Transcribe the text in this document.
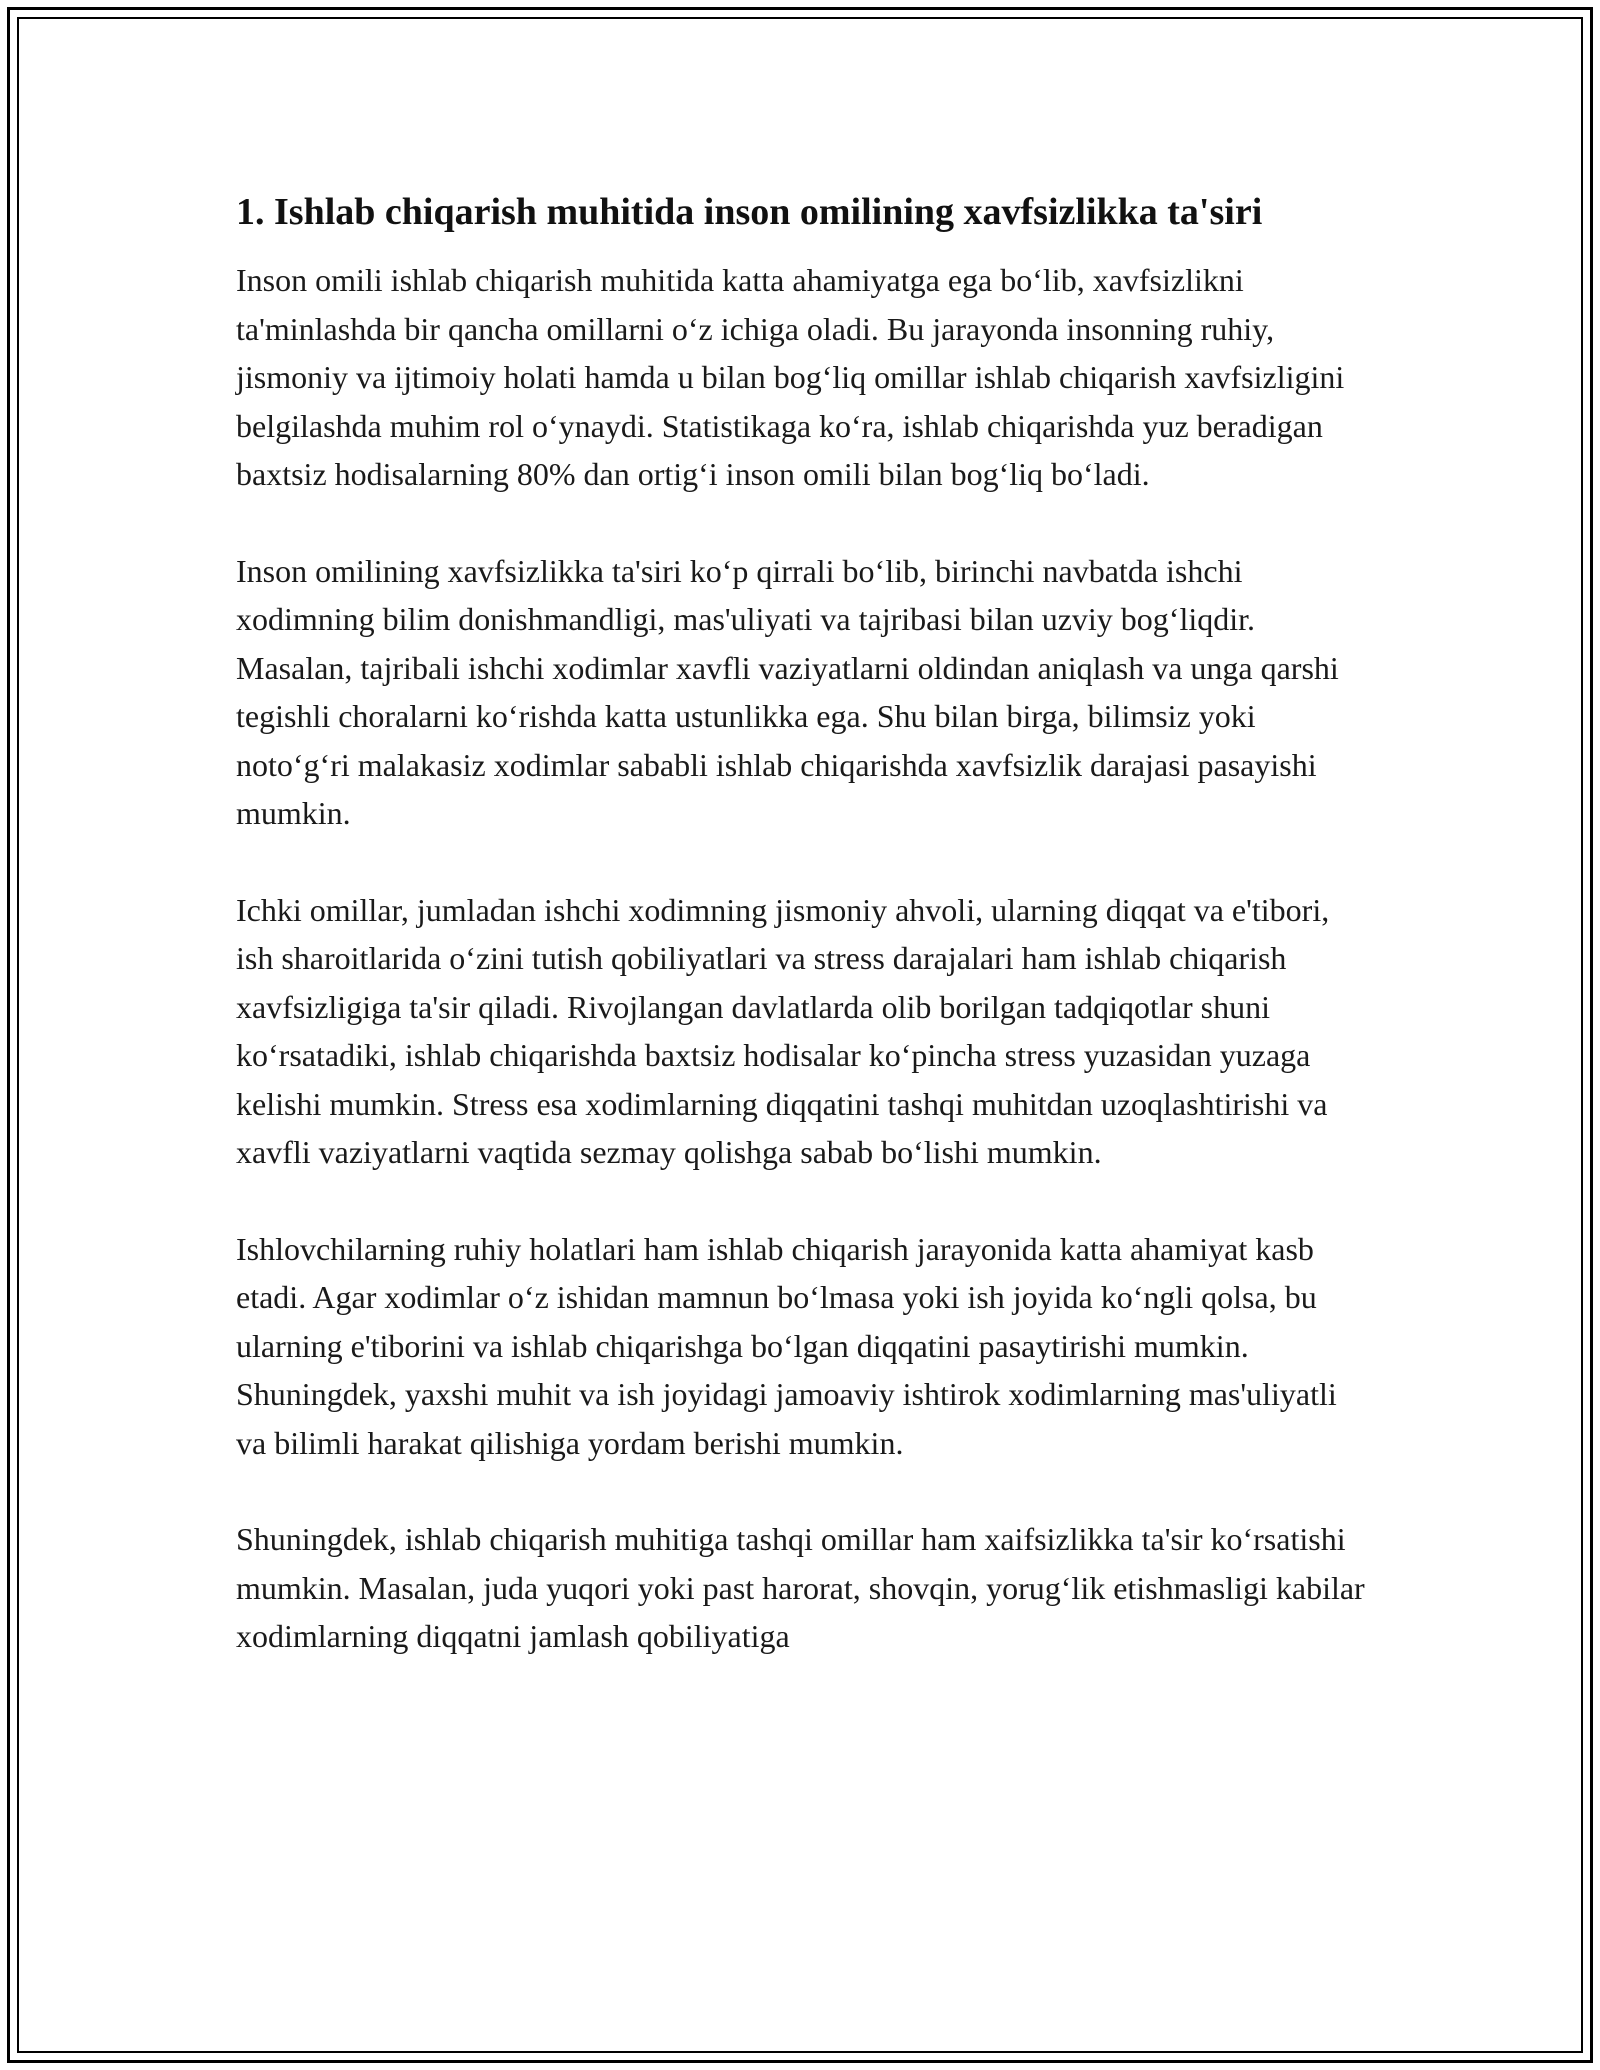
1. Ishlab chiqarish muhitida inson omilining xavfsizlikka ta'siri

Inson omili ishlab chiqarish muhitida katta ahamiyatga ega bo‘lib, xavfsizlikni ta'minlashda bir qancha omillarni o‘z ichiga oladi. Bu jarayonda insonning ruhiy, jismoniy va ijtimoiy holati hamda u bilan bog‘liq omillar ishlab chiqarish xavfsizligini belgilashda muhim rol o‘ynaydi. Statistikaga ko‘ra, ishlab chiqarishda yuz beradigan baxtsiz hodisalarning 80% dan ortig‘i inson omili bilan bog‘liq bo‘ladi.

Inson omilining xavfsizlikka ta'siri ko‘p qirrali bo‘lib, birinchi navbatda ishchi xodimning bilim donishmandligi, mas'uliyati va tajribasi bilan uzviy bog‘liqdir. Masalan, tajribali ishchi xodimlar xavfli vaziyatlarni oldindan aniqlash va unga qarshi tegishli choralarni ko‘rishda katta ustunlikka ega. Shu bilan birga, bilimsiz yoki noto‘g‘ri malakasiz xodimlar sababli ishlab chiqarishda xavfsizlik darajasi pasayishi mumkin.

Ichki omillar, jumladan ishchi xodimning jismoniy ahvoli, ularning diqqat va e'tibori, ish sharoitlarida o‘zini tutish qobiliyatlari va stress darajalari ham ishlab chiqarish xavfsizligiga ta'sir qiladi. Rivojlangan davlatlarda olib borilgan tadqiqotlar shuni ko‘rsatadiki, ishlab chiqarishda baxtsiz hodisalar ko‘pincha stress yuzasidan yuzaga kelishi mumkin. Stress esa xodimlarning diqqatini tashqi muhitdan uzoqlashtirishi va xavfli vaziyatlarni vaqtida sezmay qolishga sabab bo‘lishi mumkin.

Ishlovchilarning ruhiy holatlari ham ishlab chiqarish jarayonida katta ahamiyat kasb etadi. Agar xodimlar o‘z ishidan mamnun bo‘lmasa yoki ish joyida ko‘ngli qolsa, bu ularning e'tiborini va ishlab chiqarishga bo‘lgan diqqatini pasaytirishi mumkin. Shuningdek, yaxshi muhit va ish joyidagi jamoaviy ishtirok xodimlarning mas'uliyatli va bilimli harakat qilishiga yordam berishi mumkin.

Shuningdek, ishlab chiqarish muhitiga tashqi omillar ham xaifsizlikka ta'sir ko‘rsatishi mumkin. Masalan, juda yuqori yoki past harorat, shovqin, yorug‘lik etishmasligi kabilar xodimlarning diqqatni jamlash qobiliyatiga
